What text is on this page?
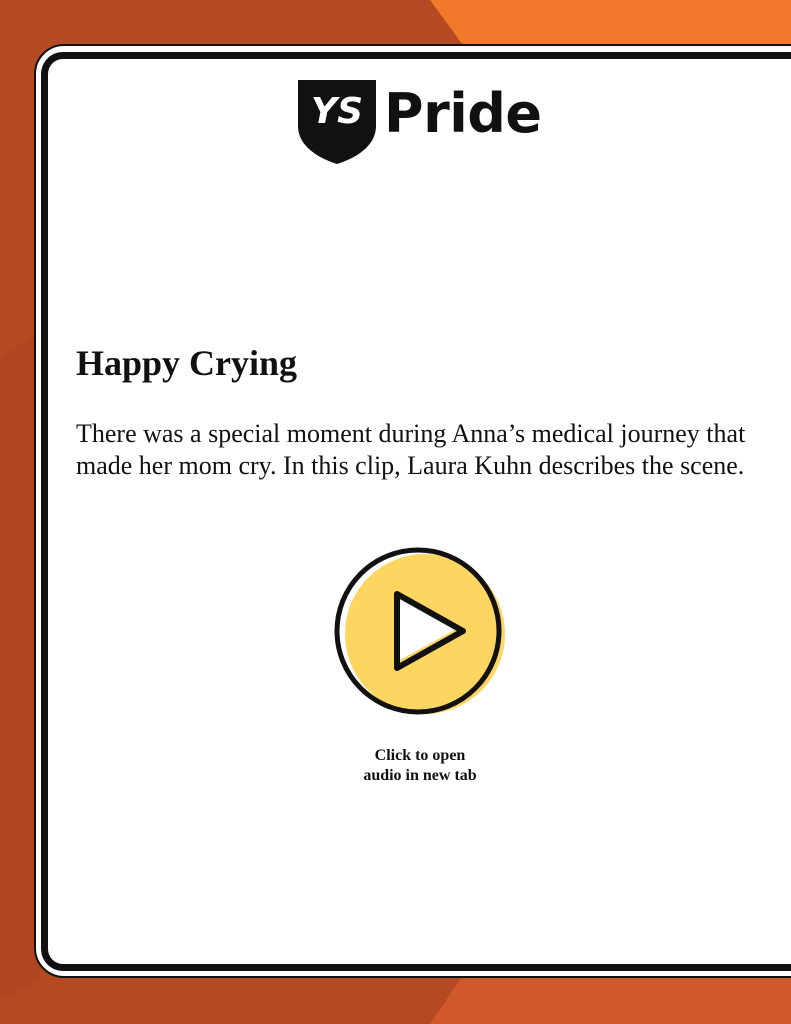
YS Pride
Happy Crying

There was a special moment during Anna’s medical journey that made her mom cry. In this clip, Laura Kuhn describes the scene.

Click to open
audio in new tab
